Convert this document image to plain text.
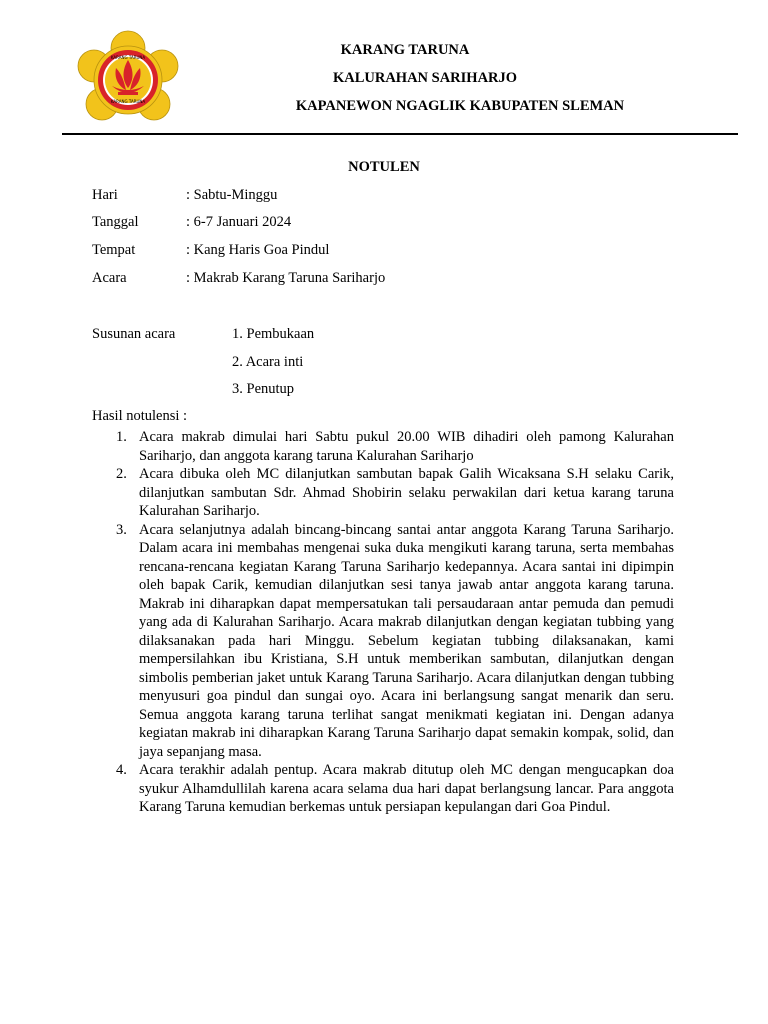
KARANG TARUNA
KARANG TARUNA
KARANG TARUNA
KALURAHAN SARIHARJO
KAPANEWON NGAGLIK KABUPATEN SLEMAN
NOTULEN
Hari	: Sabtu-Minggu
Tanggal	: 6-7 Januari 2024
Tempat	: Kang Haris Goa Pindul
Acara	: Makrab Karang Taruna Sariharjo
Susunan acara	1. Pembukaan
2. Acara inti
3. Penutup
Hasil notulensi :
1. Acara makrab dimulai hari Sabtu pukul 20.00 WIB dihadiri oleh pamong Kalurahan Sariharjo, dan anggota karang taruna Kalurahan Sariharjo
2. Acara dibuka oleh MC dilanjutkan sambutan bapak Galih Wicaksana S.H selaku Carik, dilanjutkan sambutan Sdr. Ahmad Shobirin selaku perwakilan dari ketua karang taruna Kalurahan Sariharjo.
3. Acara selanjutnya adalah bincang-bincang santai antar anggota Karang Taruna Sariharjo. Dalam acara ini membahas mengenai suka duka mengikuti karang taruna, serta membahas rencana-rencana kegiatan Karang Taruna Sariharjo kedepannya. Acara santai ini dipimpin oleh bapak Carik, kemudian dilanjutkan sesi tanya jawab antar anggota karang taruna. Makrab ini diharapkan dapat mempersatukan tali persaudaraan antar pemuda dan pemudi yang ada di Kalurahan Sariharjo. Acara makrab dilanjutkan dengan kegiatan tubbing yang dilaksanakan pada hari Minggu. Sebelum kegiatan tubbing dilaksanakan, kami mempersilahkan ibu Kristiana, S.H untuk memberikan sambutan, dilanjutkan dengan simbolis pemberian jaket untuk Karang Taruna Sariharjo. Acara dilanjutkan dengan tubbing menyusuri goa pindul dan sungai oyo. Acara ini berlangsung sangat menarik dan seru. Semua anggota karang taruna terlihat sangat menikmati kegiatan ini. Dengan adanya kegiatan makrab ini diharapkan Karang Taruna Sariharjo dapat semakin kompak, solid, dan jaya sepanjang masa.
4. Acara terakhir adalah pentup. Acara makrab ditutup oleh MC dengan mengucapkan doa syukur Alhamdullilah karena acara selama dua hari dapat berlangsung lancar. Para anggota Karang Taruna kemudian berkemas untuk persiapan kepulangan dari Goa Pindul.
